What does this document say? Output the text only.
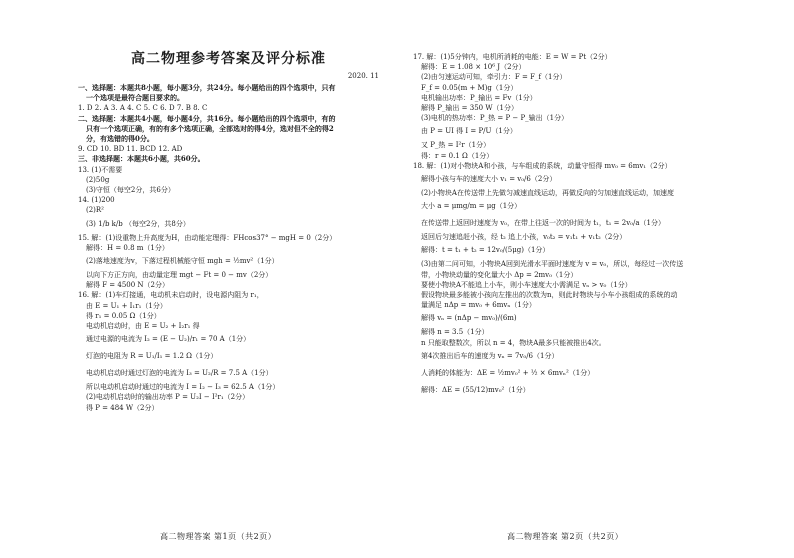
高二物理参考答案及评分标准
2020. 11
一、选择题：本题共8小题，每小题3分，共24分。每小题给出的四个选项中，只有
一个选项是最符合题目要求的。
1. D 2. A 3. A 4. C 5. C 6. D 7. B 8. C
二、选择题：本题共4小题，每小题4分，共16分。每小题给出的四个选项中，有的
只有一个选项正确，有的有多个选项正确，全部选对的得4分，选对但不全的得2
分，有选错的得0分。
9. CD 10. BD 11. BCD 12. AD
三、非选择题：本题共6小题，共60分。
13. (1)不需要
(2)50g
(3)守恒（每空2分，共6分）
14. (1)200
(2)R²
(3) 1/b k/b （每空2分，共8分）
15. 解：(1)设重物上升高度为H，由动能定理得：FHcos37° − mgH = 0（2分）
解得：H = 0.8 m（1分）
(2)落地速度为v，下落过程机械能守恒 mgh = ½mv²（1分）
以向下方正方向，由动量定理 mgt − Ft = 0 − mv（2分）
解得 F = 4500 N（2分）
16. 解：(1)车灯接通，电动机未启动时，设电源内阻为 r₁，
由 E = U₁ + I₁r₁（1分）
得 r₁ = 0.05 Ω（1分）
电动机启动时，由 E = U₂ + I₂r₁ 得
通过电源的电流为 I₂ = (E − U₂)/r₁ = 70 A（1分）
灯泡的电阻为 R = U₁/I₁ = 1.2 Ω（1分）
电动机启动时通过灯泡的电流为 I₃ = U₂/R = 7.5 A（1分）
所以电动机启动时通过的电流为 I = I₂ − I₃ = 62.5 A（1分）
(2)电动机启动时的输出功率 P = U₂I − I²r₁（2分）
得 P = 484 W（2分）
高二物理答案 第1页（共2页）
17. 解：(1)5分钟内，电机所消耗的电能：E = W = Pt（2分）
解得：E = 1.08 × 10⁶ J（2分）
(2)由匀速运动可知，牵引力：F = F_f（1分）
F_f = 0.05(m + M)g（1分）
电机输出功率：P_输出 = Fv（1分）
解得 P_输出 = 350 W（1分）
(3)电机的热功率：P_热 = P − P_输出（1分）
由 P = UI 得 I = P/U（1分）
又 P_热 = I²r（1分）
得：r = 0.1 Ω（1分）
18. 解：(1)对小物块A和小孩，与车组成的系统，动量守恒得 mv₀ = 6mv₁（2分）
解得小孩与车的速度大小 v₁ = v₀/6（2分）
(2)小物块A在传送带上先做匀减速直线运动，再做反向的匀加速直线运动，加速度
大小 a = μmg/m = μg（1分）
在传送带上返回时速度为 v₀，在带上往返一次的时间为 t₁，t₁ = 2v₀/a（1分）
返回后匀速追赶小孩，经 t₂ 追上小孩，v₀t₂ = v₁t₁ + v₁t₂（2分）
解得：t = t₁ + t₂ = 12v₀/(5μg)（1分）
(3)由第二问可知，小物块A回到光滑水平面时速度为 v = v₀，所以，每经过一次传送
带，小物块动量的变化量大小 Δp = 2mv₀（1分）
要使小物块A不能追上小车，则小车速度大小需满足 vₙ > v₀（1分）
假设物块最多能被小孩向左推出的次数为n，则此时物块与小车小孩组成的系统的动
量满足 nΔp = mv₀ + 6mvₙ（1分）
解得 vₙ = (nΔp − mv₀)/(6m)
解得 n = 3.5（1分）
n 只能取整数次，所以 n = 4，物块A最多只能被推出4次。
第4次推出后车的速度为 vₙ = 7v₀/6（1分）
人消耗的体能为：ΔE = ½mv₀² + ½ × 6mvₙ²（1分）
解得：ΔE = (55/12)mv₀²（1分）
高二物理答案 第2页（共2页）
